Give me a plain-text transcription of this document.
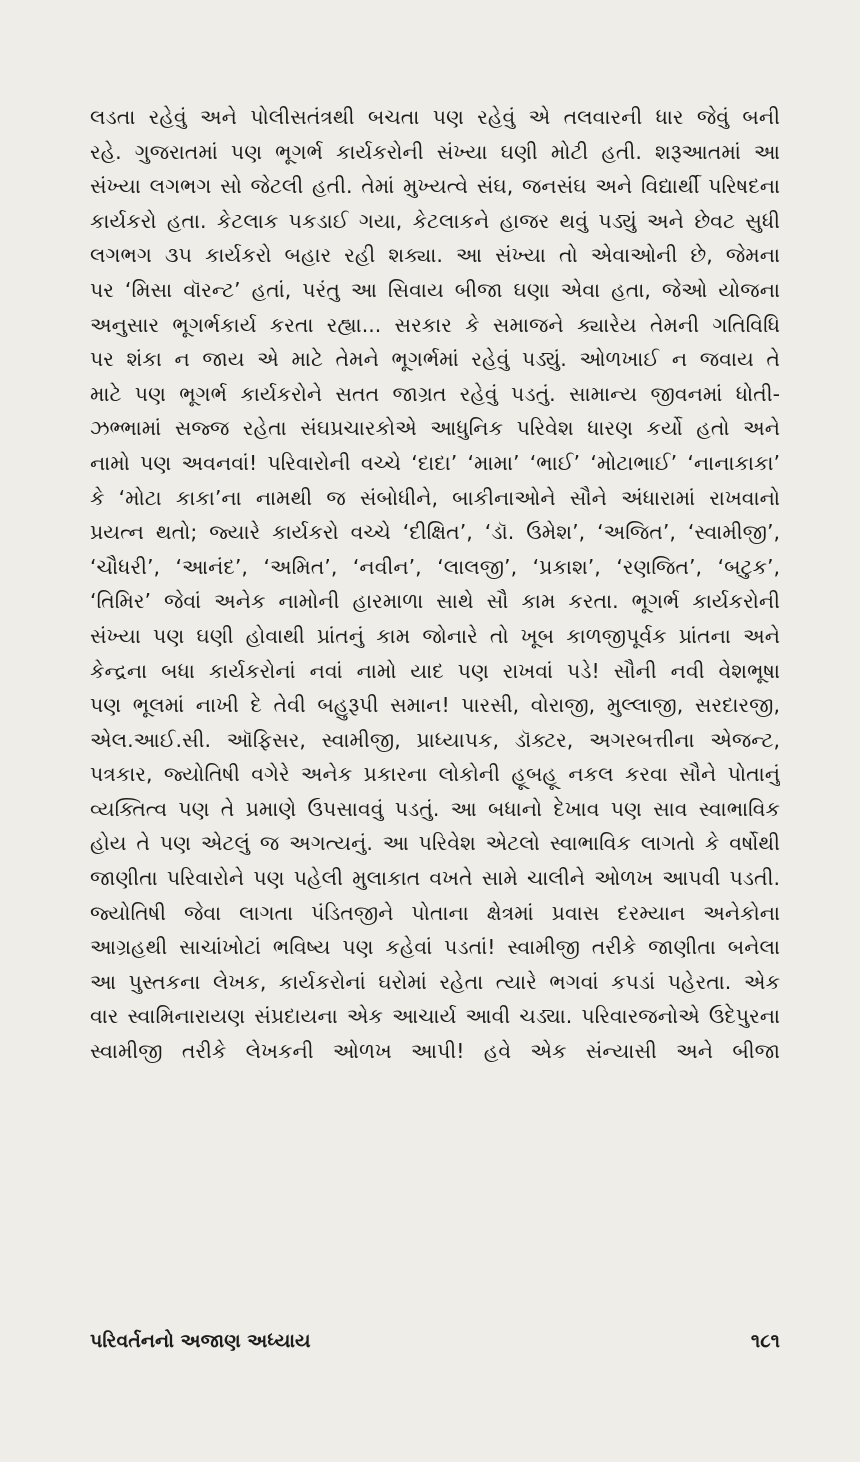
લડતા રહેવું અને પોલીસતંત્રથી બચતા પણ રહેવું એ તલવારની ધાર જેવું બની
રહે. ગુજરાતમાં પણ ભૂગર્ભ કાર્યકરોની સંખ્યા ઘણી મોટી હતી. શરૂઆતમાં આ
સંખ્યા લગભગ સો જેટલી હતી. તેમાં મુખ્યત્વે સંઘ, જનસંઘ અને વિદ્યાર્થી પરિષદના
કાર્યકરો હતા. કેટલાક પકડાઈ ગયા, કેટલાકને હાજર થવું પડ્યું અને છેવટ સુધી
લગભગ ૩૫ કાર્યકરો બહાર રહી શક્યા. આ સંખ્યા તો એવાઓની છે, જેમના
પર ‘મિસા વૉરન્ટ’ હતાં, પરંતુ આ સિવાય બીજા ઘણા એવા હતા, જેઓ યોજના
અનુસાર ભૂગર્ભકાર્ય કરતા રહ્યા... સરકાર કે સમાજને ક્યારેય તેમની ગતિવિધિ
પર શંકા ન જાય એ માટે તેમને ભૂગર્ભમાં રહેવું પડ્યું. ઓળખાઈ ન જવાય તે
માટે પણ ભૂગર્ભ કાર્યકરોને સતત જાગ્રત રહેવું પડતું. સામાન્ય જીવનમાં ધોતી-
ઝભ્ભામાં સજ્જ રહેતા સંઘપ્રચારકોએ આધુનિક પરિવેશ ધારણ કર્યો હતો અને
નામો પણ અવનવાં! પરિવારોની વચ્ચે ‘દાદા’ ‘મામા’ ‘ભાઈ’ ‘મોટાભાઈ’ ‘નાનાકાકા’
કે ‘મોટા કાકા’ના નામથી જ સંબોધીને, બાકીનાઓને સૌને અંધારામાં રાખવાનો
પ્રયત્ન થતો; જ્યારે કાર્યકરો વચ્ચે ‘દીક્ષિત’, ‘ડૉ. ઉમેશ’, ‘અજિત’, ‘સ્વામીજી’,
‘ચૌધરી’, ‘આનંદ’, ‘અમિત’, ‘નવીન’, ‘લાલજી’, ‘પ્રકાશ’, ‘રણજિત’, ‘બટુક’,
‘તિમિર’ જેવાં અનેક નામોની હારમાળા સાથે સૌ કામ કરતા. ભૂગર્ભ કાર્યકરોની
સંખ્યા પણ ઘણી હોવાથી પ્રાંતનું કામ જોનારે તો ખૂબ કાળજીપૂર્વક પ્રાંતના અને
કેન્દ્રના બધા કાર્યકરોનાં નવાં નામો યાદ પણ રાખવાં પડે! સૌની નવી વેશભૂષા
પણ ભૂલમાં નાખી દે તેવી બહુરૂપી સમાન! પારસી, વોરાજી, મુલ્લાજી, સરદારજી,
એલ.આઈ.સી. ઑફિસર, સ્વામીજી, પ્રાધ્યાપક, ડૉક્ટર, અગરબત્તીના એજન્ટ,
પત્રકાર, જ્યોતિષી વગેરે અનેક પ્રકારના લોકોની હૂબહૂ નકલ કરવા સૌને પોતાનું
વ્યક્તિત્વ પણ તે પ્રમાણે ઉપસાવવું પડતું. આ બધાનો દેખાવ પણ સાવ સ્વાભાવિક
હોય તે પણ એટલું જ અગત્યનું. આ પરિવેશ એટલો સ્વાભાવિક લાગતો કે વર્ષોથી
જાણીતા પરિવારોને પણ પહેલી મુલાકાત વખતે સામે ચાલીને ઓળખ આપવી પડતી.
જ્યોતિષી જેવા લાગતા પંડિતજીને પોતાના ક્ષેત્રમાં પ્રવાસ દરમ્યાન અનેકોના
આગ્રહથી સાચાંખોટાં ભવિષ્ય પણ કહેવાં પડતાં! સ્વામીજી તરીકે જાણીતા બનેલા
આ પુસ્તકના લેખક, કાર્યકરોનાં ઘરોમાં રહેતા ત્યારે ભગવાં કપડાં પહેરતા. એક
વાર સ્વામિનારાયણ સંપ્રદાયના એક આચાર્ય આવી ચડ્યા. પરિવારજનોએ ઉદેપુરના
સ્વામીજી તરીકે લેખકની ઓળખ આપી! હવે એક સંન્યાસી અને બીજા
પરિવર્તનનો અજાણ અધ્યાય	૧૮૧
